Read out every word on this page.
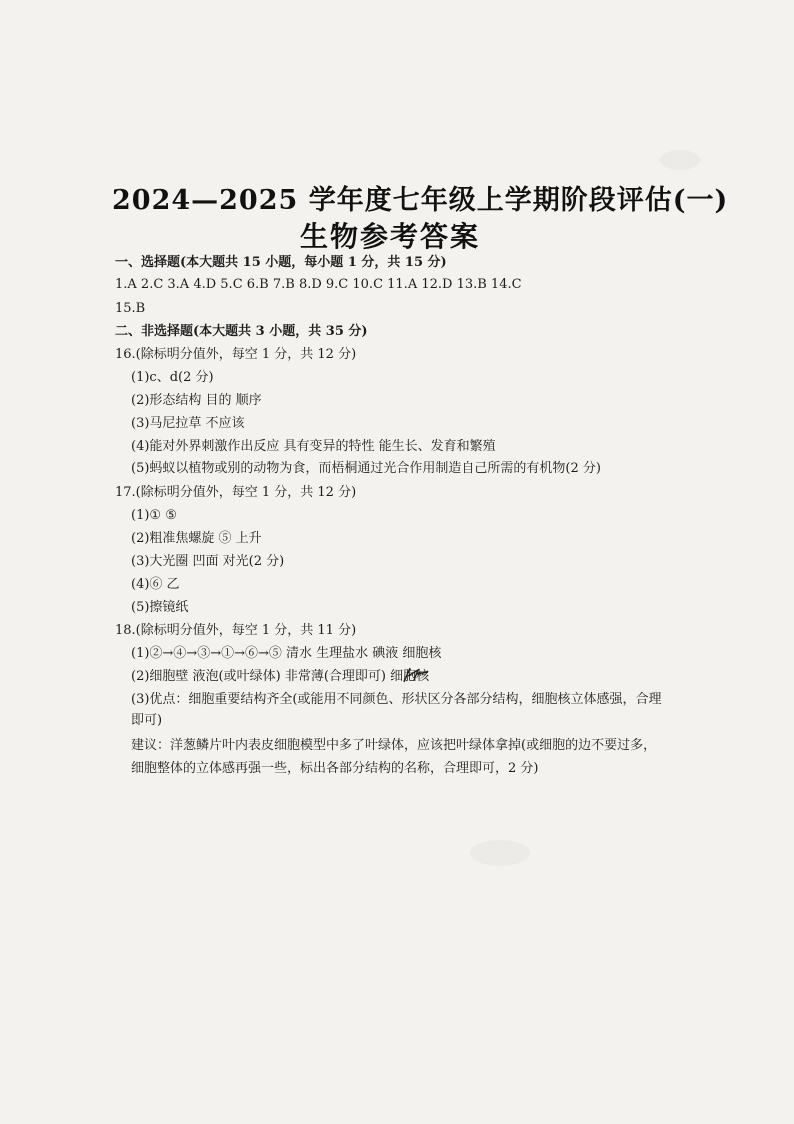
2024—2025 学年度七年级上学期阶段评估(一)
生物参考答案
一、选择题(本大题共 15 小题，每小题 1 分，共 15 分)
1.A 2.C 3.A 4.D 5.C 6.B 7.B 8.D 9.C 10.C 11.A 12.D 13.B 14.C
15.B
二、非选择题(本大题共 3 小题，共 35 分)
16.(除标明分值外，每空 1 分，共 12 分)
(1)c、d(2 分)
(2)形态结构 目的 顺序
(3)马尼拉草 不应该
(4)能对外界刺激作出反应 具有变异的特性 能生长、发育和繁殖
(5)蚂蚁以植物或别的动物为食，而梧桐通过光合作用制造自己所需的有机物(2 分)
17.(除标明分值外，每空 1 分，共 12 分)
(1)① ⑤
(2)粗准焦螺旋 ⑤ 上升
(3)大光圈 凹面 对光(2 分)
(4)⑥ 乙
(5)擦镜纸
18.(除标明分值外，每空 1 分，共 11 分)
(1)②→④→③→①→⑥→⑤ 清水 生理盐水 碘液 细胞核
(2)细胞壁 液泡(或叶绿体) 非常薄(合理即可) 细胞核
(3)优点：细胞重要结构齐全(或能用不同颜色、形状区分各部分结构，细胞核立体感强，合理
即可)
建议：洋葱鳞片叶内表皮细胞模型中多了叶绿体，应该把叶绿体拿掉(或细胞的边不要过多，
细胞整体的立体感再强一些，标出各部分结构的名称，合理即可，2 分)
